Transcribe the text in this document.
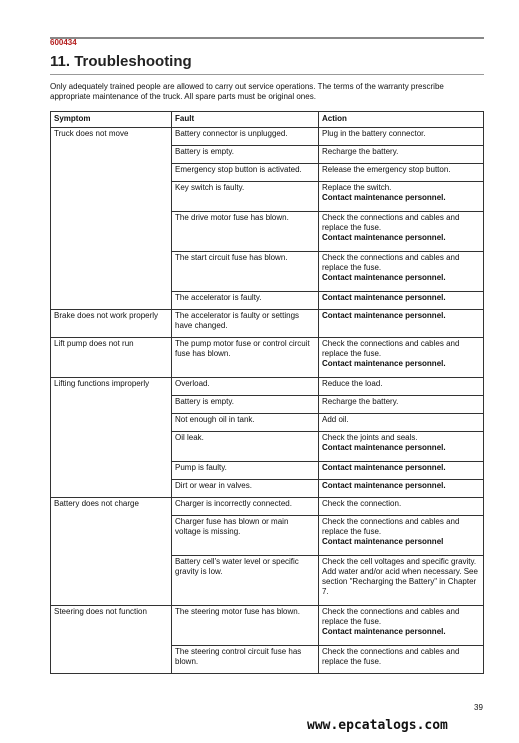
600434
11. Troubleshooting
Only adequately trained people are allowed to carry out service operations. The terms of the warranty prescribe appropriate maintenance of the truck. All spare parts must be original ones.
Symptom	Fault	Action
Truck does not move	Battery connector is unplugged.	Plug in the battery connector.
	Battery is empty.	Recharge the battery.
	Emergency stop button is activated.	Release the emergency stop button.
	Key switch is faulty.	Replace the switch.
Contact maintenance personnel.

	The drive motor fuse has blown.	Check the connections and cables and replace the fuse.
Contact maintenance personnel.

	The start circuit fuse has blown.	Check the connections and cables and replace the fuse.
Contact maintenance personnel.

	The accelerator is faulty.	Contact maintenance personnel.

Brake does not work properly	The accelerator is faulty or settings have changed.	Contact maintenance personnel.

Lift pump does not run	The pump motor fuse or control circuit fuse has blown.	Check the connections and cables and replace the fuse.
Contact maintenance personnel.

Lifting functions improperly	Overload.	Reduce the load.
	Battery is empty.	Recharge the battery.
	Not enough oil in tank.	Add oil.
	Oil leak.	Check the joints and seals.
Contact maintenance personnel.

	Pump is faulty.	Contact maintenance personnel.

	Dirt or wear in valves.	Contact maintenance personnel.

Battery does not charge	Charger is incorrectly connected.	Check the connection.
	Charger fuse has blown or main voltage is missing.	Check the connections and cables and replace the fuse.
Contact maintenance personnel

	Battery cell's water level or specific gravity is low.	Check the cell voltages and specific gravity. Add water and/or acid when necessary. See section "Recharging the Battery" in Chapter 7.
Steering does not function	The steering motor fuse has blown.	Check the connections and cables and replace the fuse.
Contact maintenance personnel.

	The steering control circuit fuse has blown.	Check the connections and cables and replace the fuse.
39
www.epcatalogs.com
